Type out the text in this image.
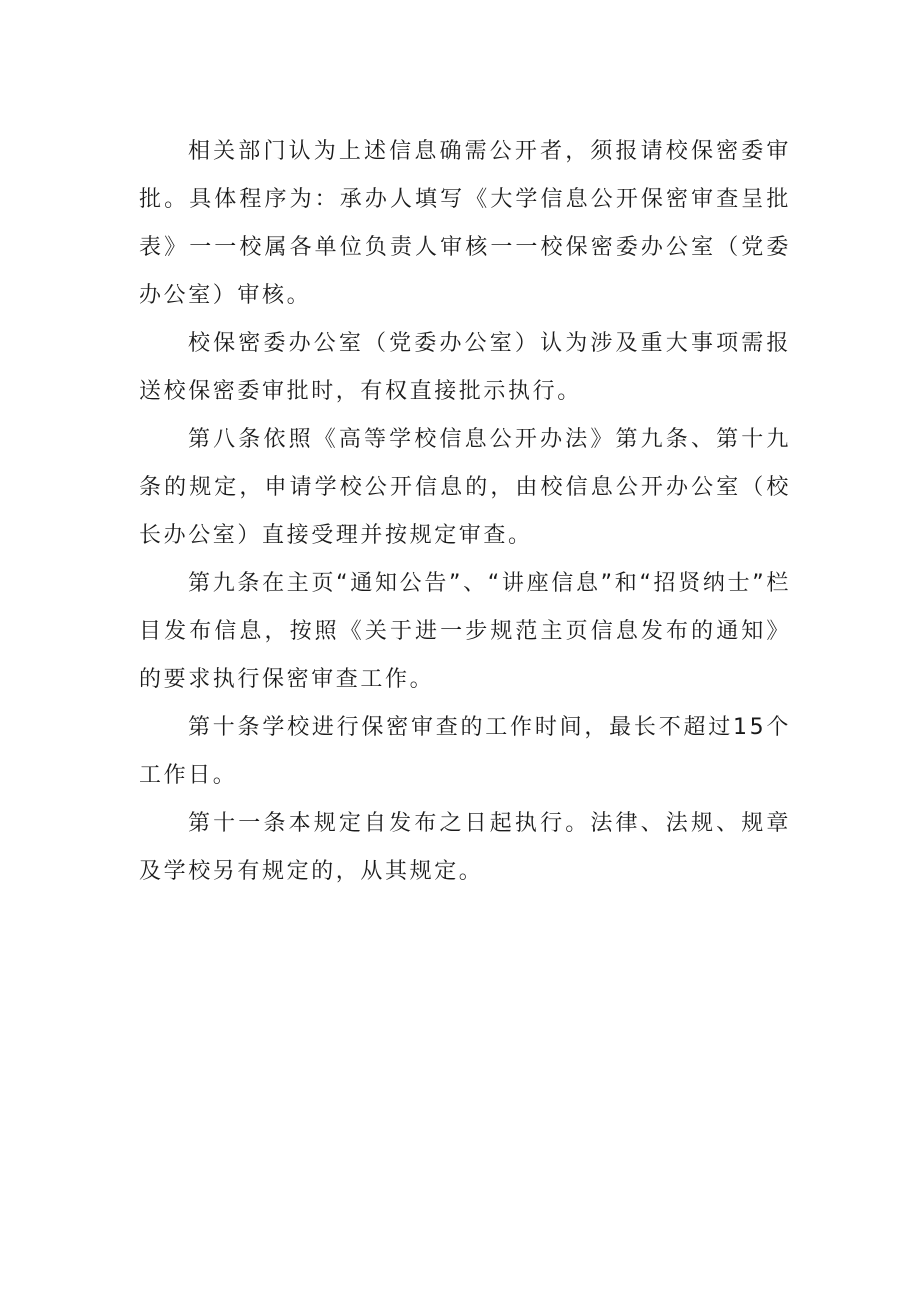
相关部门认为上述信息确需公开者，须报请校保密委审批。具体程序为：承办人填写《大学信息公开保密审查呈批表》一一校属各单位负责人审核一一校保密委办公室（党委办公室）审核。

校保密委办公室（党委办公室）认为涉及重大事项需报送校保密委审批时，有权直接批示执行。

第八条依照《高等学校信息公开办法》第九条、第十九条的规定，申请学校公开信息的，由校信息公开办公室（校长办公室）直接受理并按规定审查。

第九条在主页“通知公告”、“讲座信息”和“招贤纳士”栏目发布信息，按照《关于进一步规范主页信息发布的通知》的要求执行保密审查工作。

第十条学校进行保密审查的工作时间，最长不超过15个工作日。

第十一条本规定自发布之日起执行。法律、法规、规章及学校另有规定的，从其规定。
